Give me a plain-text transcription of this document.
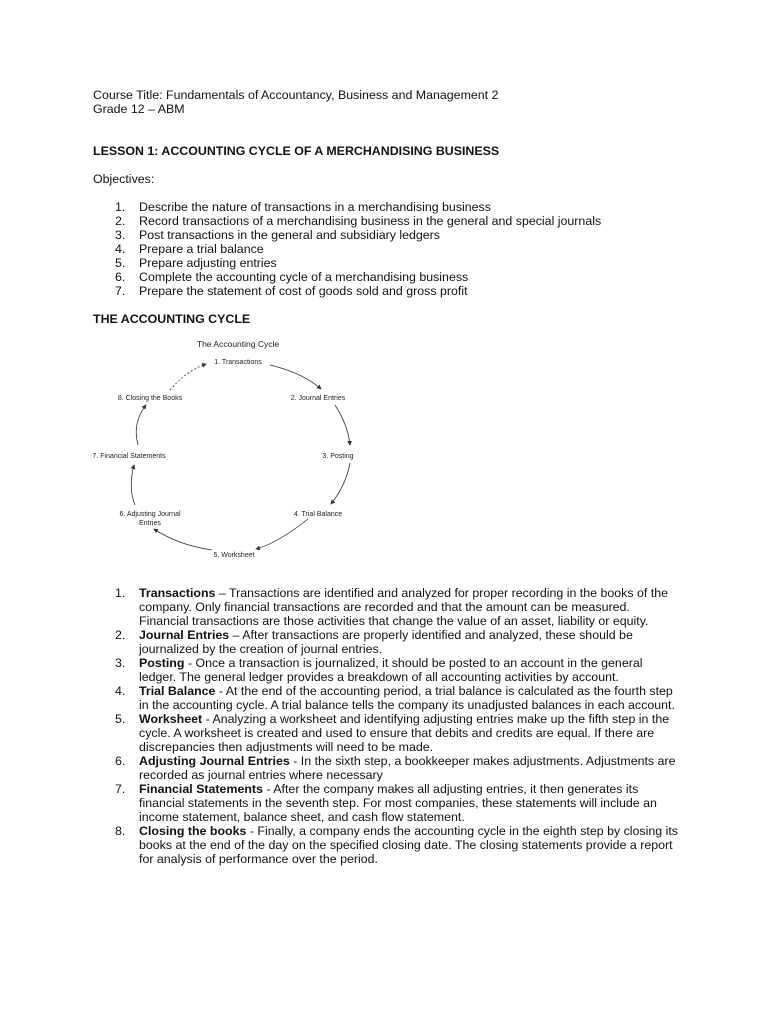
Course Title: Fundamentals of Accountancy, Business and Management 2
Grade 12 – ABM
LESSON 1: ACCOUNTING CYCLE OF A MERCHANDISING BUSINESS
Objectives:
1. Describe the nature of transactions in a merchandising business
2. Record transactions of a merchandising business in the general and special journals
3. Post transactions in the general and subsidiary ledgers
4. Prepare a trial balance
5. Prepare adjusting entries
6. Complete the accounting cycle of a merchandising business
7. Prepare the statement of cost of goods sold and gross profit
THE ACCOUNTING CYCLE
The Accounting Cycle
1. Transactions
2. Journal Entries
3. Posting
4. Trial Balance
5. Worksheet
6. Adjusting Journal
Entries
7. Financial Statements
8. Closing the Books
1. Transactions – Transactions are identified and analyzed for proper recording in the books of the company. Only financial transactions are recorded and that the amount can be measured. Financial transactions are those activities that change the value of an asset, liability or equity.
2. Journal Entries – After transactions are properly identified and analyzed, these should be journalized by the creation of journal entries.
3. Posting - Once a transaction is journalized, it should be posted to an account in the general ledger. The general ledger provides a breakdown of all accounting activities by account.
4. Trial Balance - At the end of the accounting period, a trial balance is calculated as the fourth step in the accounting cycle. A trial balance tells the company its unadjusted balances in each account.
5. Worksheet - Analyzing a worksheet and identifying adjusting entries make up the fifth step in the cycle. A worksheet is created and used to ensure that debits and credits are equal. If there are discrepancies then adjustments will need to be made.
6. Adjusting Journal Entries - In the sixth step, a bookkeeper makes adjustments. Adjustments are recorded as journal entries where necessary
7. Financial Statements - After the company makes all adjusting entries, it then generates its financial statements in the seventh step. For most companies, these statements will include an income statement, balance sheet, and cash flow statement.
8. Closing the books - Finally, a company ends the accounting cycle in the eighth step by closing its books at the end of the day on the specified closing date. The closing statements provide a report for analysis of performance over the period.
